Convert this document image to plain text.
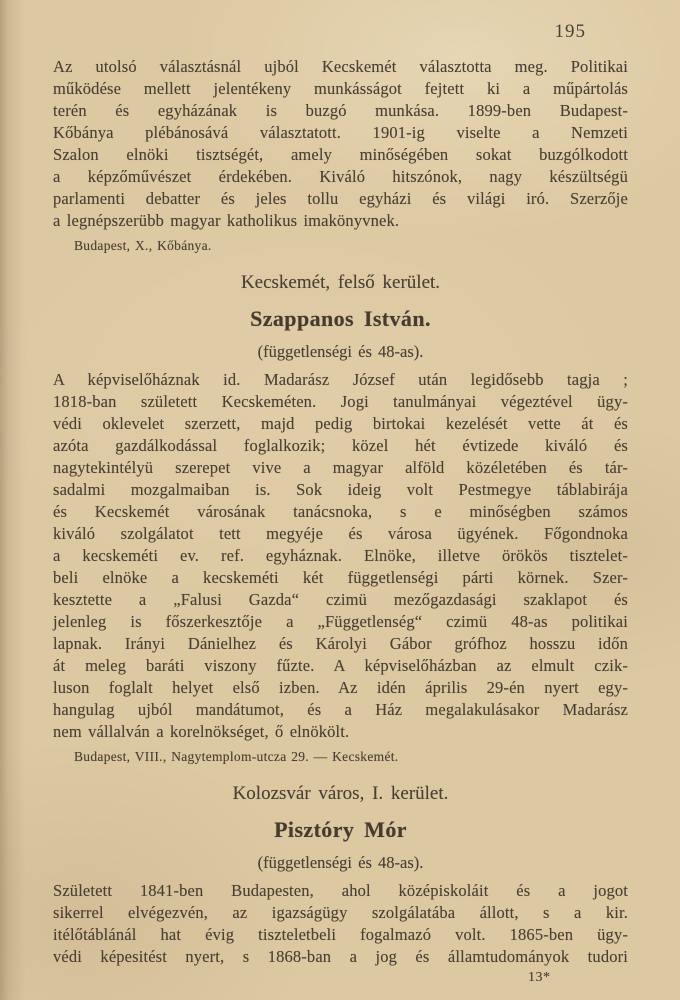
195
Az utolsó választásnál ujból Kecskemét választotta meg. Politikai
működése mellett jelentékeny munkásságot fejtett ki a műpártolás
terén és egyházának is buzgó munkása. 1899-ben Budapest-
Kőbánya plébánosává választatott. 1901-ig viselte a Nemzeti
Szalon elnöki tisztségét, amely minőségében sokat buzgólkodott
a képzőművészet érdekében. Kiváló hitszónok, nagy készültségü
parlamenti debatter és jeles tollu egyházi és világi iró. Szerzője
a legnépszerübb magyar katholikus imakönyvnek.
Budapest, X., Kőbánya.
Kecskemét, felső kerület.
Szappanos István.
(függetlenségi és 48-as).
A képviselőháznak id. Madarász József után legidősebb tagja ;
1818-ban született Kecskeméten. Jogi tanulmányai végeztével ügy-
védi oklevelet szerzett, majd pedig birtokai kezelését vette át és
azóta gazdálkodással foglalkozik; közel hét évtizede kiváló és
nagytekintélyü szerepet vive a magyar alföld közéletében és tár-
sadalmi mozgalmaiban is. Sok ideig volt Pestmegye táblabirája
és Kecskemét városának tanácsnoka, s e minőségben számos
kiváló szolgálatot tett megyéje és városa ügyének. Főgondnoka
a kecskeméti ev. ref. egyháznak. Elnöke, illetve örökös tisztelet-
beli elnöke a kecskeméti két függetlenségi párti körnek. Szer-
kesztette a „Falusi Gazda“ czimü mezőgazdasági szaklapot és
jelenleg is főszerkesztője a „Függetlenség“ czimü 48-as politikai
lapnak. Irányi Dánielhez és Károlyi Gábor grófhoz hosszu időn
át meleg baráti viszony fűzte. A képviselőházban az elmult czik-
luson foglalt helyet első izben. Az idén április 29-én nyert egy-
hangulag ujból mandátumot, és a Ház megalakulásakor Madarász
nem vállalván a korelnökséget, ő elnökölt.
Budapest, VIII., Nagytemplom-utcza 29. — Kecskemét.
Kolozsvár város, I. kerület.
Pisztóry Mór
(függetlenségi és 48-as).
Született 1841-ben Budapesten, ahol középiskoláit és a jogot
sikerrel elvégezvén, az igazságügy szolgálatába állott, s a kir.
itélőtáblánál hat évig tiszteletbeli fogalmazó volt. 1865-ben ügy-
védi képesitést nyert, s 1868-ban a jog és államtudományok tudori
13*
